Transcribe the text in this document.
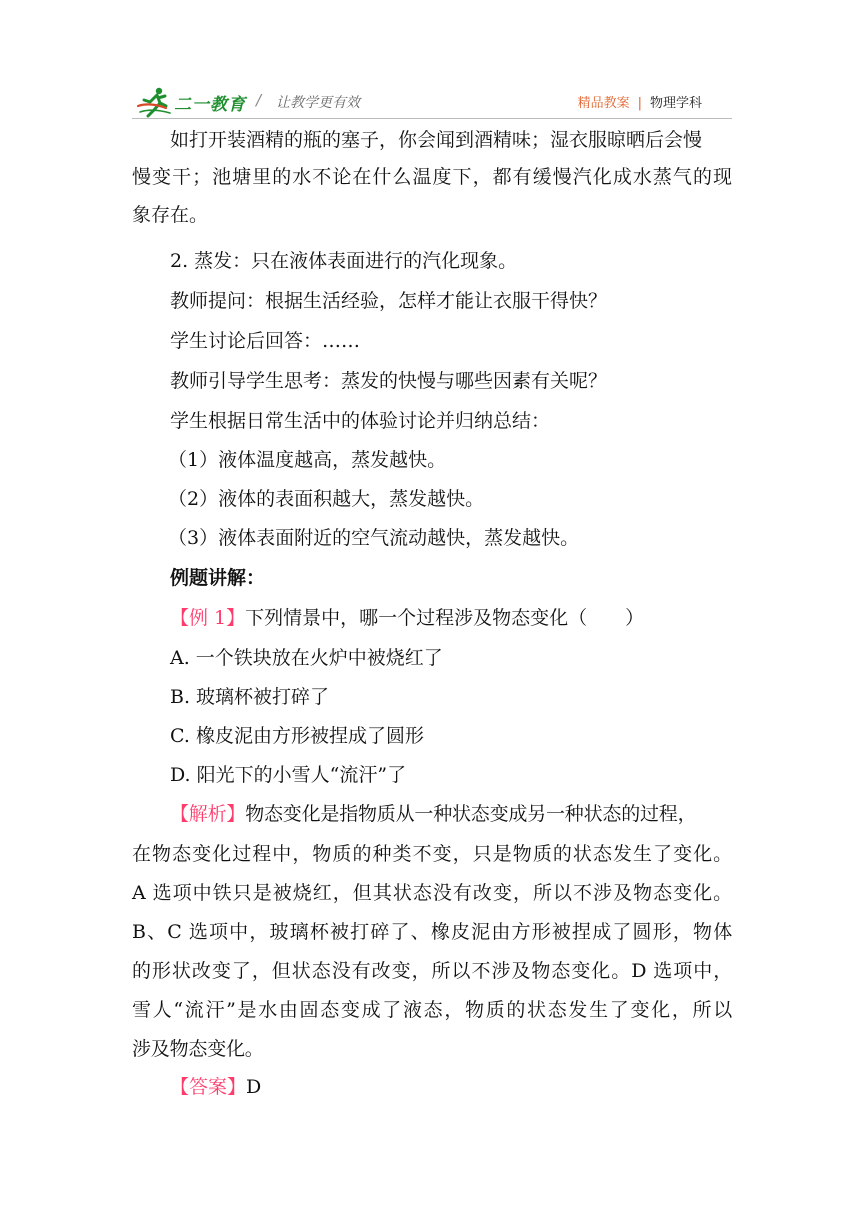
二一教育 / 让教学更有效	精品教案 | 物理学科
如打开装酒精的瓶的塞子，你会闻到酒精味；湿衣服晾晒后会慢
慢变干；池塘里的水不论在什么温度下，都有缓慢汽化成水蒸气的现
象存在。
2. 蒸发：只在液体表面进行的汽化现象。
教师提问：根据生活经验，怎样才能让衣服干得快？
学生讨论后回答：……
教师引导学生思考：蒸发的快慢与哪些因素有关呢？
学生根据日常生活中的体验讨论并归纳总结：
（1）液体温度越高，蒸发越快。
（2）液体的表面积越大，蒸发越快。
（3）液体表面附近的空气流动越快，蒸发越快。
例题讲解：
【例 1】下列情景中，哪一个过程涉及物态变化（　　）
A. 一个铁块放在火炉中被烧红了
B. 玻璃杯被打碎了
C. 橡皮泥由方形被捏成了圆形
D. 阳光下的小雪人“流汗”了
【解析】物态变化是指物质从一种状态变成另一种状态的过程，
在物态变化过程中，物质的种类不变，只是物质的状态发生了变化。
A 选项中铁只是被烧红，但其状态没有改变，所以不涉及物态变化。
B、C 选项中，玻璃杯被打碎了、橡皮泥由方形被捏成了圆形，物体
的形状改变了，但状态没有改变，所以不涉及物态变化。D 选项中，
雪人“流汗”是水由固态变成了液态，物质的状态发生了变化，所以
涉及物态变化。
【答案】D
